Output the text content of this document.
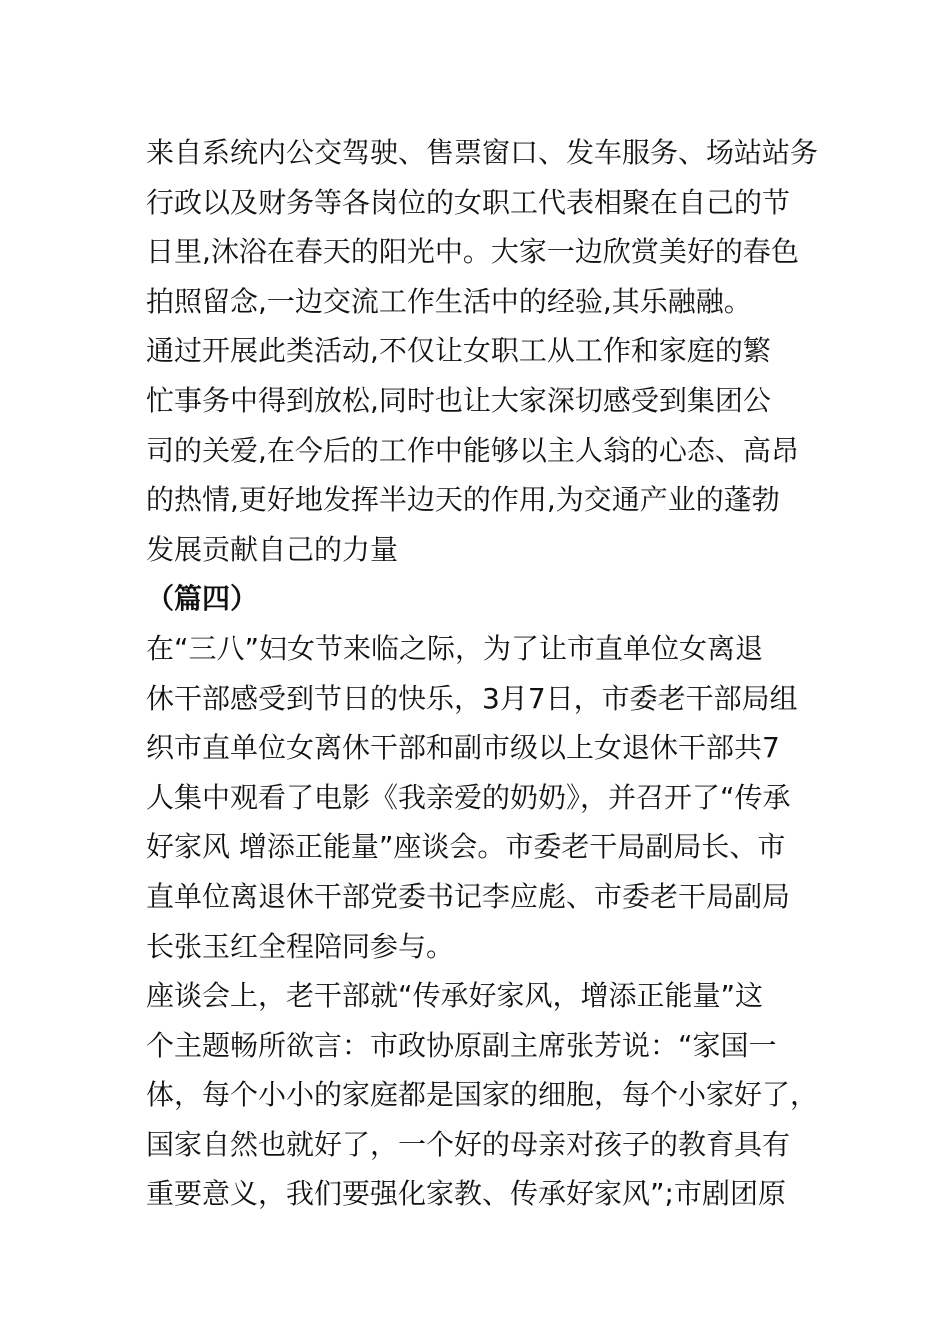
来自系统内公交驾驶、售票窗口、发车服务、场站站务
行政以及财务等各岗位的女职工代表相聚在自己的节
日里,沐浴在春天的阳光中。大家一边欣赏美好的春色
拍照留念,一边交流工作生活中的经验,其乐融融。
通过开展此类活动,不仅让女职工从工作和家庭的繁
忙事务中得到放松,同时也让大家深切感受到集团公
司的关爱,在今后的工作中能够以主人翁的心态、高昂
的热情,更好地发挥半边天的作用,为交通产业的蓬勃
发展贡献自己的力量
（篇四）
在“三八”妇女节来临之际，为了让市直单位女离退
休干部感受到节日的快乐，3月7日，市委老干部局组
织市直单位女离休干部和副市级以上女退休干部共7
人集中观看了电影《我亲爱的奶奶》，并召开了“传承
好家风 增添正能量”座谈会。市委老干局副局长、市
直单位离退休干部党委书记李应彪、市委老干局副局
长张玉红全程陪同参与。
座谈会上，老干部就“传承好家风，增添正能量”这
个主题畅所欲言：市政协原副主席张芳说：“家国一
体，每个小小的家庭都是国家的细胞，每个小家好了，
国家自然也就好了，一个好的母亲对孩子的教育具有
重要意义，我们要强化家教、传承好家风”;市剧团原
